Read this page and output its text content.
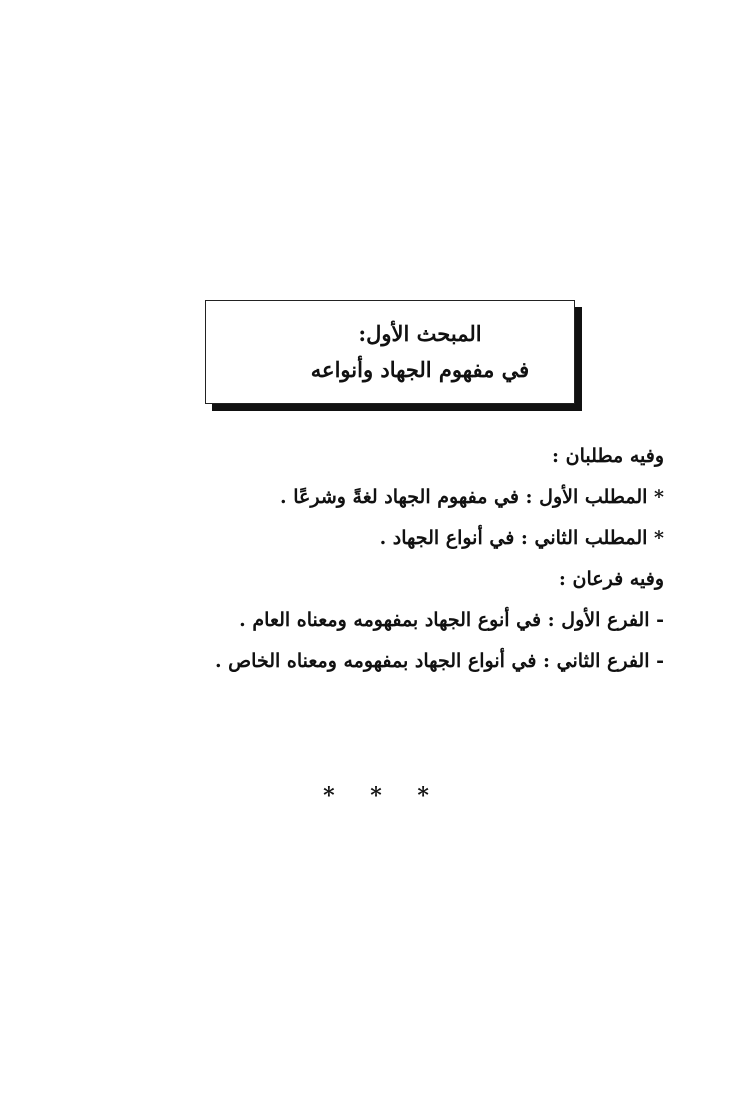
المبحث الأول:
في مفهوم الجهاد وأنواعه
وفيه مطلبان :
* المطلب الأول : في مفهوم الجهاد لغةً وشرعًا .
* المطلب الثاني : في أنواع الجهاد .
وفيه فرعان :
- الفرع الأول : في أنوع الجهاد بمفهومه ومعناه العام .
- الفرع الثاني : في أنواع الجهاد بمفهومه ومعناه الخاص .
* * *
